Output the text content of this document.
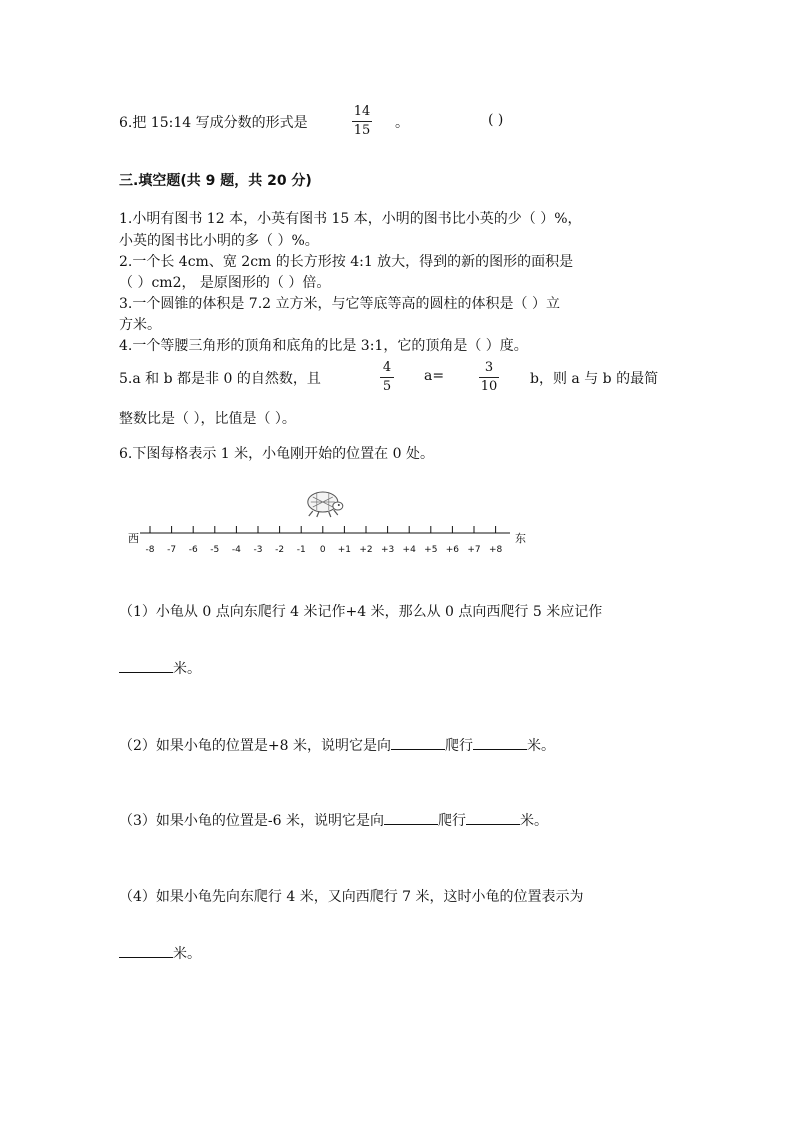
6.把 15:14 写成分数的形式是
14
15 。	( )
三.填空题(共 9 题，共 20 分)
1.小明有图书 12 本，小英有图书 15 本，小明的图书比小英的少（ ）%，
小英的图书比小明的多（ ）%。
2.一个长 4cm、宽 2cm 的长方形按 4:1 放大，得到的新的图形的面积是
（ ）cm2， 是原图形的（ ）倍。
3.一个圆锥的体积是 7.2 立方米，与它等底等高的圆柱的体积是（ ）立
方米。
4.一个等腰三角形的顶角和底角的比是 3:1，它的顶角是（ ）度。
5.a 和 b 都是非 0 的自然数，且
4
5
a=
3
10 b，则 a 与 b 的最简
整数比是（ ），比值是（ ）。
6.下图每格表示 1 米，小龟刚开始的位置在 0 处。
西
-8 -7 -6 -5 -4 -3 -2 -1 0 +1 +2 +3 +4 +5 +6 +7 +8
东
（1）小龟从 0 点向东爬行 4 米记作+4 米，那么从 0 点向西爬行 5 米应记作
米。
（2）如果小龟的位置是+8 米，说明它是向	爬行	米。
（3）如果小龟的位置是-6 米，说明它是向	爬行	米。
（4）如果小龟先向东爬行 4 米，又向西爬行 7 米，这时小龟的位置表示为
米。
